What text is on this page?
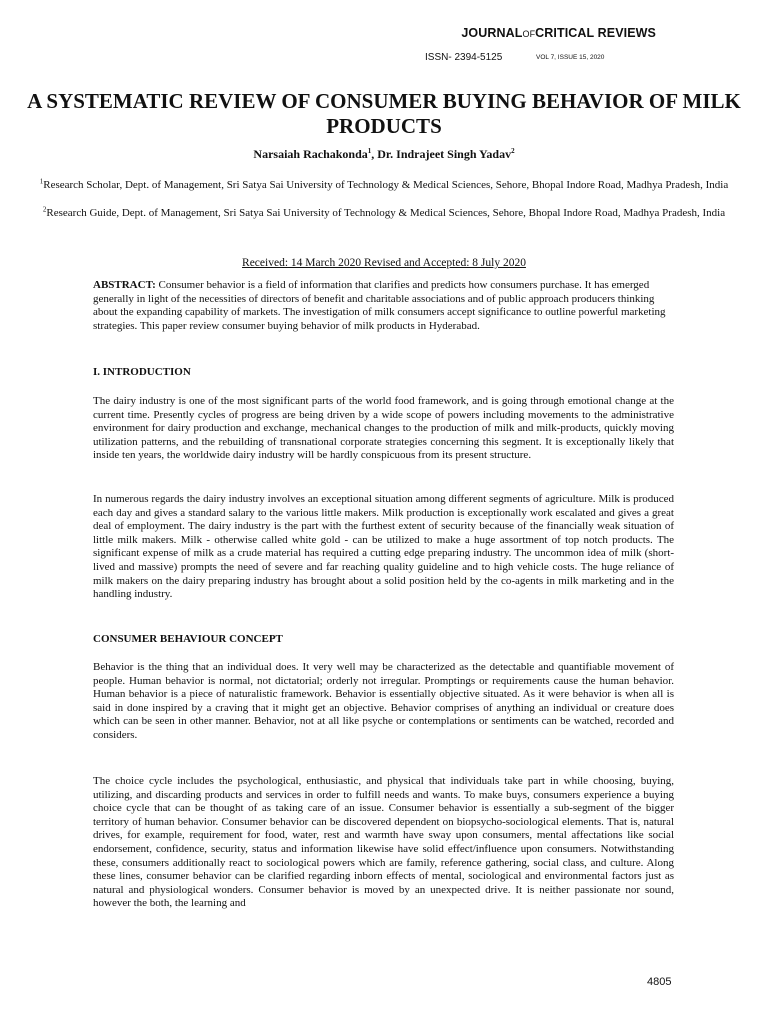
JOURNALOFCRITICAL REVIEWS
ISSN- 2394-5125	VOL 7, ISSUE 15, 2020
A SYSTEMATIC REVIEW OF CONSUMER BUYING BEHAVIOR OF MILK PRODUCTS
Narsaiah Rachakonda$^1$, Dr. Indrajeet Singh Yadav$^2$
$^1$Research Scholar, Dept. of Management, Sri Satya Sai University of Technology & Medical Sciences, Sehore, Bhopal Indore Road, Madhya Pradesh, India
$^2$Research Guide, Dept. of Management, Sri Satya Sai University of Technology & Medical Sciences, Sehore, Bhopal Indore Road, Madhya Pradesh, India
Received: 14 March 2020 Revised and Accepted: 8 July 2020

ABSTRACT: Consumer behavior is a field of information that clarifies and predicts how consumers purchase. It has emerged generally in light of the necessities of directors of benefit and charitable associations and of public approach producers thinking about the expanding capability of markets. The investigation of milk consumers accept significance to outline powerful marketing strategies. This paper review consumer buying behavior of milk products in Hyderabad.

I. INTRODUCTION

The dairy industry is one of the most significant parts of the world food framework, and is going through emotional change at the current time. Presently cycles of progress are being driven by a wide scope of powers including movements to the administrative environment for dairy production and exchange, mechanical changes to the production of milk and milk-products, quickly moving utilization patterns, and the rebuilding of transnational corporate strategies concerning this segment. It is exceptionally likely that inside ten years, the worldwide dairy industry will be hardly conspicuous from its present structure.

In numerous regards the dairy industry involves an exceptional situation among different segments of agriculture. Milk is produced each day and gives a standard salary to the various little makers. Milk production is exceptionally work escalated and gives a great deal of employment. The dairy industry is the part with the furthest extent of security because of the financially weak situation of little milk makers. Milk - otherwise called white gold - can be utilized to make a huge assortment of top notch products. The significant expense of milk as a crude material has required a cutting edge preparing industry. The uncommon idea of milk (short-lived and massive) prompts the need of severe and far reaching quality guideline and to high vehicle costs. The huge reliance of milk makers on the dairy preparing industry has brought about a solid position held by the co-agents in milk marketing and in the handling industry.

CONSUMER BEHAVIOUR CONCEPT

Behavior is the thing that an individual does. It very well may be characterized as the detectable and quantifiable movement of people. Human behavior is normal, not dictatorial; orderly not irregular. Promptings or requirements cause the human behavior. Human behavior is a piece of naturalistic framework. Behavior is essentially objective situated. As it were behavior is when all is said in done inspired by a craving that it might get an objective. Behavior comprises of anything an individual or creature does which can be seen in other manner. Behavior, not at all like psyche or contemplations or sentiments can be watched, recorded and considers.

The choice cycle includes the psychological, enthusiastic, and physical that individuals take part in while choosing, buying, utilizing, and discarding products and services in order to fulfill needs and wants. To make buys, consumers experience a buying choice cycle that can be thought of as taking care of an issue. Consumer behavior is essentially a sub-segment of the bigger territory of human behavior. Consumer behavior can be discovered dependent on biopsycho-sociological elements. That is, natural drives, for example, requirement for food, water, rest and warmth have sway upon consumers, mental affectations like social endorsement, confidence, security, status and information likewise have solid effect/influence upon consumers. Notwithstanding these, consumers additionally react to sociological powers which are family, reference gathering, social class, and culture. Along these lines, consumer behavior can be clarified regarding inborn effects of mental, sociological and environmental factors just as natural and physiological wonders. Consumer behavior is moved by an unexpected drive. It is neither passionate nor sound, however the both, the learning and

4805
